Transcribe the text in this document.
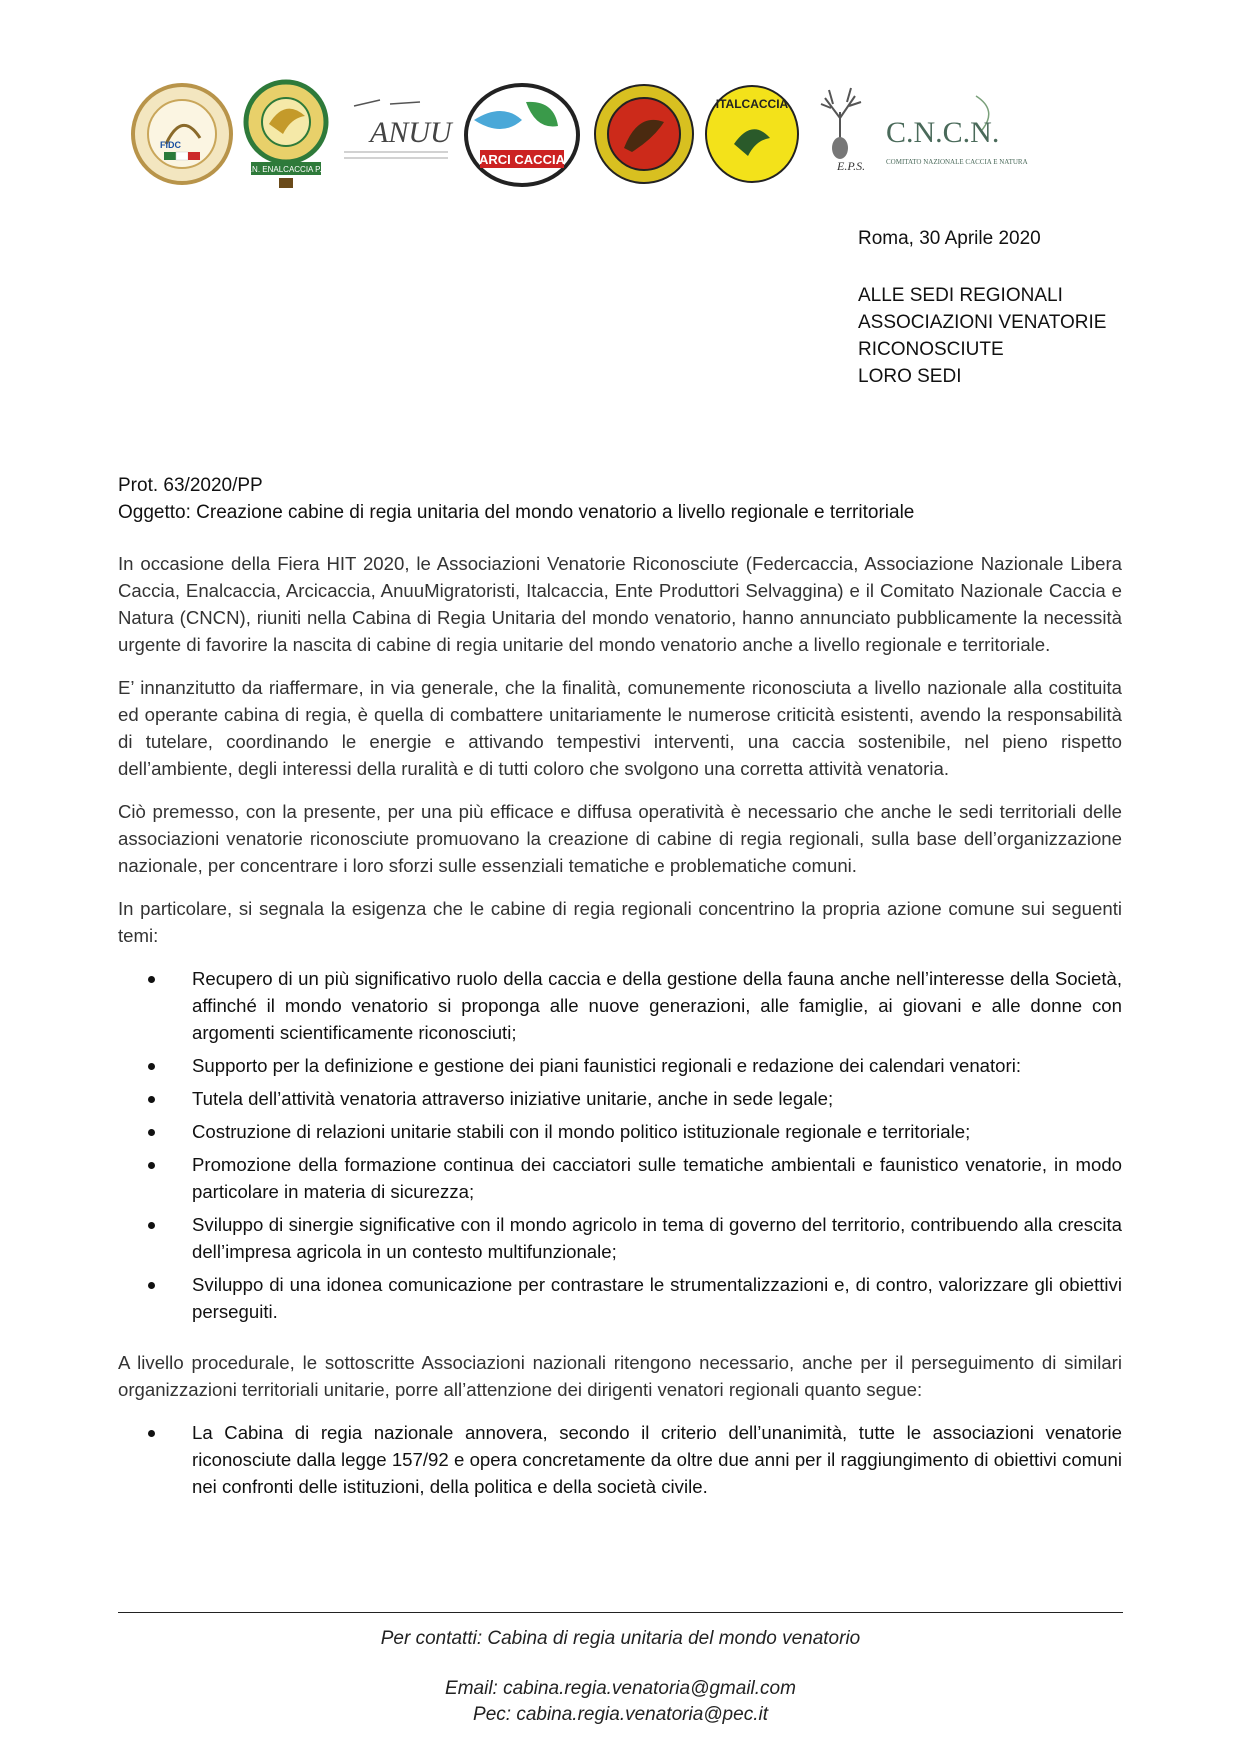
FIDC
U.N. ENALCACCIA P.T.
ANUU
ARCI CACCIA
ITALCACCIA
E.P.S.
C.N.C.N.
COMITATO NAZIONALE CACCIA E NATURA
Roma, 30 Aprile 2020
ALLE SEDI REGIONALI
ASSOCIAZIONI VENATORIE
RICONOSCIUTE
LORO SEDI
Prot. 63/2020/PP
Oggetto: Creazione cabine di regia unitaria del mondo venatorio a livello regionale e territoriale

In occasione della Fiera HIT 2020, le Associazioni Venatorie Riconosciute (Federcaccia, Associazione Nazionale Libera Caccia, Enalcaccia, Arcicaccia, AnuuMigratoristi, Italcaccia, Ente Produttori Selvaggina) e il Comitato Nazionale Caccia e Natura (CNCN), riuniti nella Cabina di Regia Unitaria del mondo venatorio, hanno annunciato pubblicamente la necessità urgente di favorire la nascita di cabine di regia unitarie del mondo venatorio anche a livello regionale e territoriale.

E’ innanzitutto da riaffermare, in via generale, che la finalità, comunemente riconosciuta a livello nazionale alla costituita ed operante cabina di regia, è quella di combattere unitariamente le numerose criticità esistenti, avendo la responsabilità di tutelare, coordinando le energie e attivando tempestivi interventi, una caccia sostenibile, nel pieno rispetto dell’ambiente, degli interessi della ruralità e di tutti coloro che svolgono una corretta attività venatoria.

Ciò premesso, con la presente, per una più efficace e diffusa operatività è necessario che anche le sedi territoriali delle associazioni venatorie riconosciute promuovano la creazione di cabine di regia regionali, sulla base dell’organizzazione nazionale, per concentrare i loro sforzi sulle essenziali tematiche e problematiche comuni.

In particolare, si segnala la esigenza che le cabine di regia regionali concentrino la propria azione comune sui seguenti temi:

Recupero di un più significativo ruolo della caccia e della gestione della fauna anche nell’interesse della Società, affinché il mondo venatorio si proponga alle nuove generazioni, alle famiglie, ai giovani e alle donne con argomenti scientificamente riconosciuti;
Supporto per la definizione e gestione dei piani faunistici regionali e redazione dei calendari venatori:
Tutela dell’attività venatoria attraverso iniziative unitarie, anche in sede legale;
Costruzione di relazioni unitarie stabili con il mondo politico istituzionale regionale e territoriale;
Promozione della formazione continua dei cacciatori sulle tematiche ambientali e faunistico venatorie, in modo particolare in materia di sicurezza;
Sviluppo di sinergie significative con il mondo agricolo in tema di governo del territorio, contribuendo alla crescita dell’impresa agricola in un contesto multifunzionale;
Sviluppo di una idonea comunicazione per contrastare le strumentalizzazioni e, di contro, valorizzare gli obiettivi perseguiti.

A livello procedurale, le sottoscritte Associazioni nazionali ritengono necessario, anche per il perseguimento di similari organizzazioni territoriali unitarie, porre all’attenzione dei dirigenti venatori regionali quanto segue:

La Cabina di regia nazionale annovera, secondo il criterio dell’unanimità, tutte le associazioni venatorie riconosciute dalla legge 157/92 e opera concretamente da oltre due anni per il raggiungimento di obiettivi comuni nei confronti delle istituzioni, della politica e della società civile.
Per contatti: Cabina di regia unitaria del mondo venatorio
Email: cabina.regia.venatoria@gmail.com
Pec: cabina.regia.venatoria@pec.it
